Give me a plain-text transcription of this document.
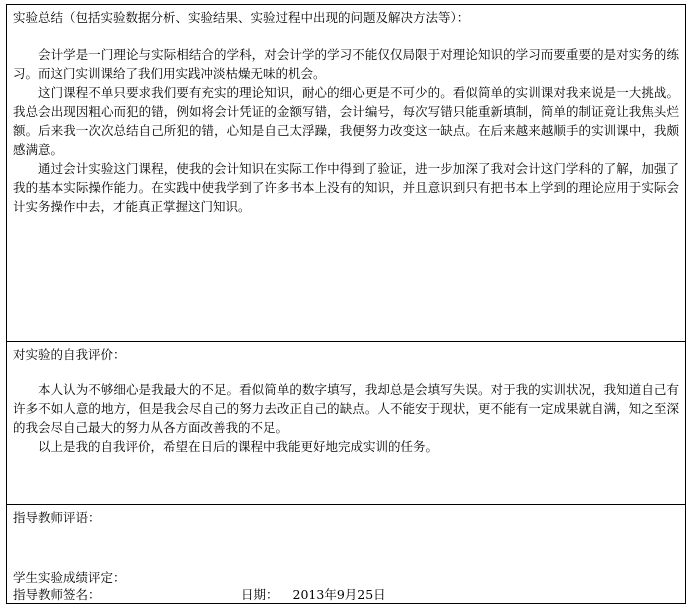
实验总结（包括实验数据分析、实验结果、实验过程中出现的问题及解决方法等）：

会计学是一门理论与实际相结合的学科，对会计学的学习不能仅仅局限于对理论知识的学习而要重要的是对实务的练习。而这门实训课给了我们用实践冲淡枯燥无味的机会。

这门课程不单只要求我们要有充实的理论知识，耐心的细心更是不可少的。看似简单的实训课对我来说是一大挑战。我总会出现因粗心而犯的错，例如将会计凭证的金额写错，会计编号，每次写错只能重新填制，简单的制证竟让我焦头烂额。后来我一次次总结自己所犯的错，心知是自己太浮躁，我便努力改变这一缺点。在后来越来越顺手的实训课中，我颇感满意。

通过会计实验这门课程，使我的会计知识在实际工作中得到了验证，进一步加深了我对会计这门学科的了解，加强了我的基本实际操作能力。在实践中使我学到了许多书本上没有的知识，并且意识到只有把书本上学到的理论应用于实际会计实务操作中去，才能真正掌握这门知识。

对实验的自我评价：

本人认为不够细心是我最大的不足。看似简单的数字填写，我却总是会填写失误。对于我的实训状况，我知道自己有许多不如人意的地方，但是我会尽自己的努力去改正自己的缺点。人不能安于现状，更不能有一定成果就自满，知之至深的我会尽自己最大的努力从各方面改善我的不足。

以上是我的自我评价，希望在日后的课程中我能更好地完成实训的任务。

指导教师评语：
学生实验成绩评定：
指导教师签名：	日期： 2013年9月25日
